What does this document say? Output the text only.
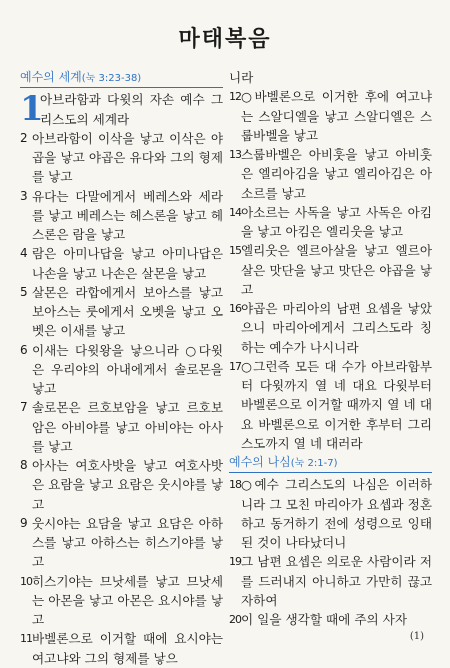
마태복음
예수의 세계(눅 3:23-38)
1
아브라함과 다윗의 자손 예수 그리스도의 세계라
2 아브라함이 이삭을 낳고 이삭은 야곱을 낳고 야곱은 유다와 그의 형제를 낳고
3 유다는 다말에게서 베레스와 세라를 낳고 베레스는 헤스론을 낳고 헤스론은 람을 낳고
4 람은 아미나답을 낳고 아미나답은 나손을 낳고 나손은 살몬을 낳고
5 살몬은 라합에게서 보아스를 낳고 보아스는 룻에게서 오벳을 낳고 오벳은 이새를 낳고
6 이새는 다윗왕을 낳으니라 ○다윗은 우리야의 아내에게서 솔로몬을 낳고
7 솔로몬은 르호보암을 낳고 르호보암은 아비야를 낳고 아비야는 아사를 낳고
8 아사는 여호사밧을 낳고 여호사밧은 요람을 낳고 요람은 웃시야를 낳고
9 웃시야는 요담을 낳고 요담은 아하스를 낳고 아하스는 히스기야를 낳고
10 히스기야는 므낫세를 낳고 므낫세는 아몬을 낳고 아몬은 요시야를 낳고
11 바벨론으로 이거할 때에 요시야는 여고냐와 그의 형제를 낳으
니라
12 ○바벨론으로 이거한 후에 여고냐는 스알디엘을 낳고 스알디엘은 스룹바벨을 낳고
13 스룹바벨은 아비훗을 낳고 아비훗은 엘리아김을 낳고 엘리아김은 아소르를 낳고
14 아소르는 사독을 낳고 사독은 아킴을 낳고 아킴은 엘리웃을 낳고
15 엘리웃은 엘르아살을 낳고 엘르아살은 맛단을 낳고 맛단은 야곱을 낳고
16 야곱은 마리아의 남편 요셉을 낳았으니 마리아에게서 그리스도라 칭하는 예수가 나시니라
17 ○그런즉 모든 대 수가 아브라함부터 다윗까지 열 네 대요 다윗부터 바벨론으로 이거할 때까지 열 네 대요 바벨론으로 이거한 후부터 그리스도까지 열 네 대러라
예수의 나심(눅 2:1-7)
18 ○예수 그리스도의 나심은 이러하니라 그 모친 마리아가 요셉과 정혼하고 동거하기 전에 성령으로 잉태된 것이 나타났더니
19 그 남편 요셉은 의로운 사람이라 저를 드러내지 아니하고 가만히 끊고자하여
20 이 일을 생각할 때에 주의 사자
(1)
